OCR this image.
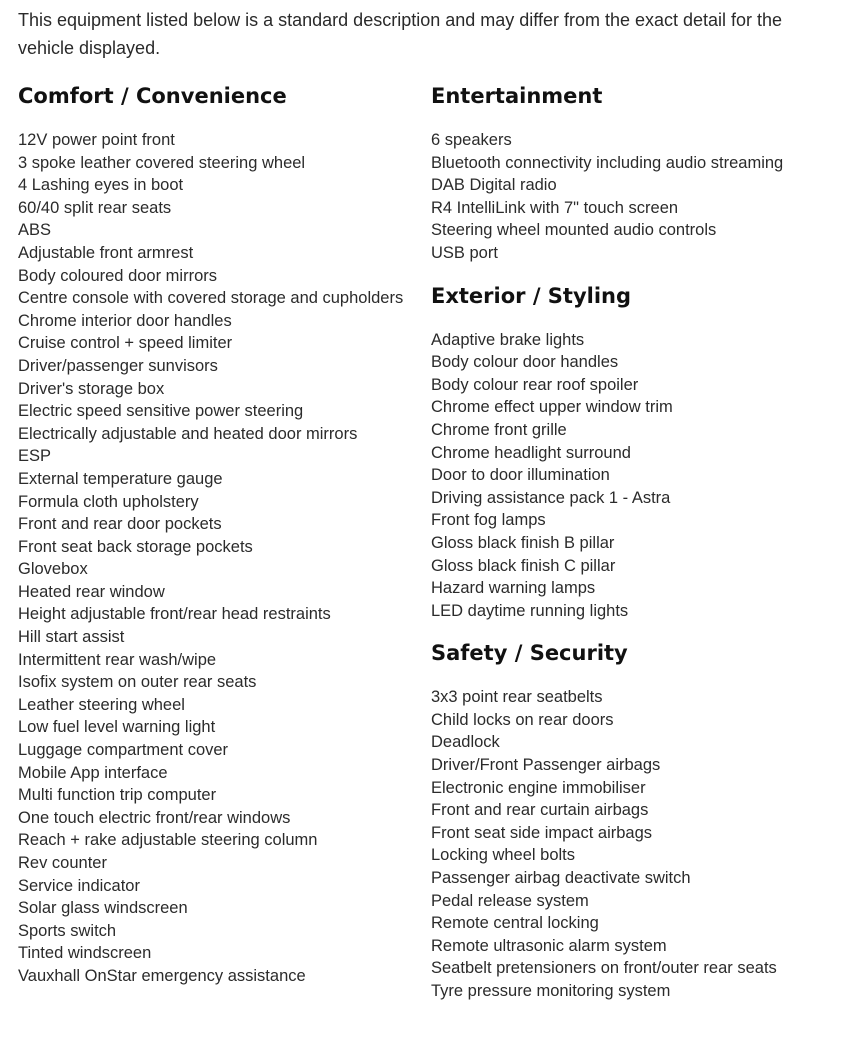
This equipment listed below is a standard description and may differ from the exact detail for the vehicle displayed.

Comfort / Convenience
12V power point front
3 spoke leather covered steering wheel
4 Lashing eyes in boot
60/40 split rear seats
ABS
Adjustable front armrest
Body coloured door mirrors
Centre console with covered storage and cupholders
Chrome interior door handles
Cruise control + speed limiter
Driver/passenger sunvisors
Driver's storage box
Electric speed sensitive power steering
Electrically adjustable and heated door mirrors
ESP
External temperature gauge
Formula cloth upholstery
Front and rear door pockets
Front seat back storage pockets
Glovebox
Heated rear window
Height adjustable front/rear head restraints
Hill start assist
Intermittent rear wash/wipe
Isofix system on outer rear seats
Leather steering wheel
Low fuel level warning light
Luggage compartment cover
Mobile App interface
Multi function trip computer
One touch electric front/rear windows
Reach + rake adjustable steering column
Rev counter
Service indicator
Solar glass windscreen
Sports switch
Tinted windscreen
Vauxhall OnStar emergency assistance
Entertainment
6 speakers
Bluetooth connectivity including audio streaming
DAB Digital radio
R4 IntelliLink with 7" touch screen
Steering wheel mounted audio controls
USB port
Exterior / Styling
Adaptive brake lights
Body colour door handles
Body colour rear roof spoiler
Chrome effect upper window trim
Chrome front grille
Chrome headlight surround
Door to door illumination
Driving assistance pack 1 - Astra
Front fog lamps
Gloss black finish B pillar
Gloss black finish C pillar
Hazard warning lamps
LED daytime running lights
Safety / Security
3x3 point rear seatbelts
Child locks on rear doors
Deadlock
Driver/Front Passenger airbags
Electronic engine immobiliser
Front and rear curtain airbags
Front seat side impact airbags
Locking wheel bolts
Passenger airbag deactivate switch
Pedal release system
Remote central locking
Remote ultrasonic alarm system
Seatbelt pretensioners on front/outer rear seats
Tyre pressure monitoring system
